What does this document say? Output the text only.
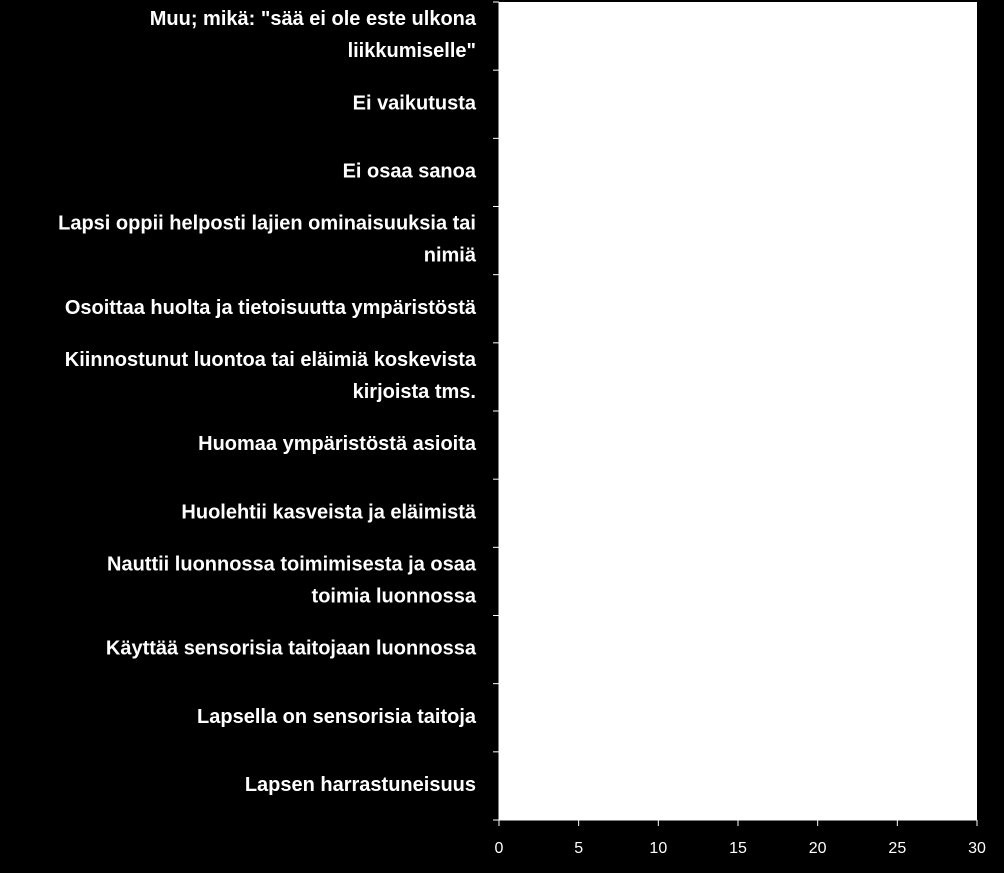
Muu; mikä: "sää ei ole este ulkona liikkumiselle"
Ei vaikutusta
Ei osaa sanoa
Lapsi oppii helposti lajien ominaisuuksia tai nimiä
Osoittaa huolta ja tietoisuutta ympäristöstä
Kiinnostunut luontoa tai eläimiä koskevista kirjoista tms.
Huomaa ympäristöstä asioita
Huolehtii kasveista ja eläimistä
Nauttii luonnossa toimimisesta ja osaa toimia luonnossa
Käyttää sensorisia taitojaan luonnossa
Lapsella on sensorisia taitoja
Lapsen harrastuneisuus
0	5	10	15	20	25	30
